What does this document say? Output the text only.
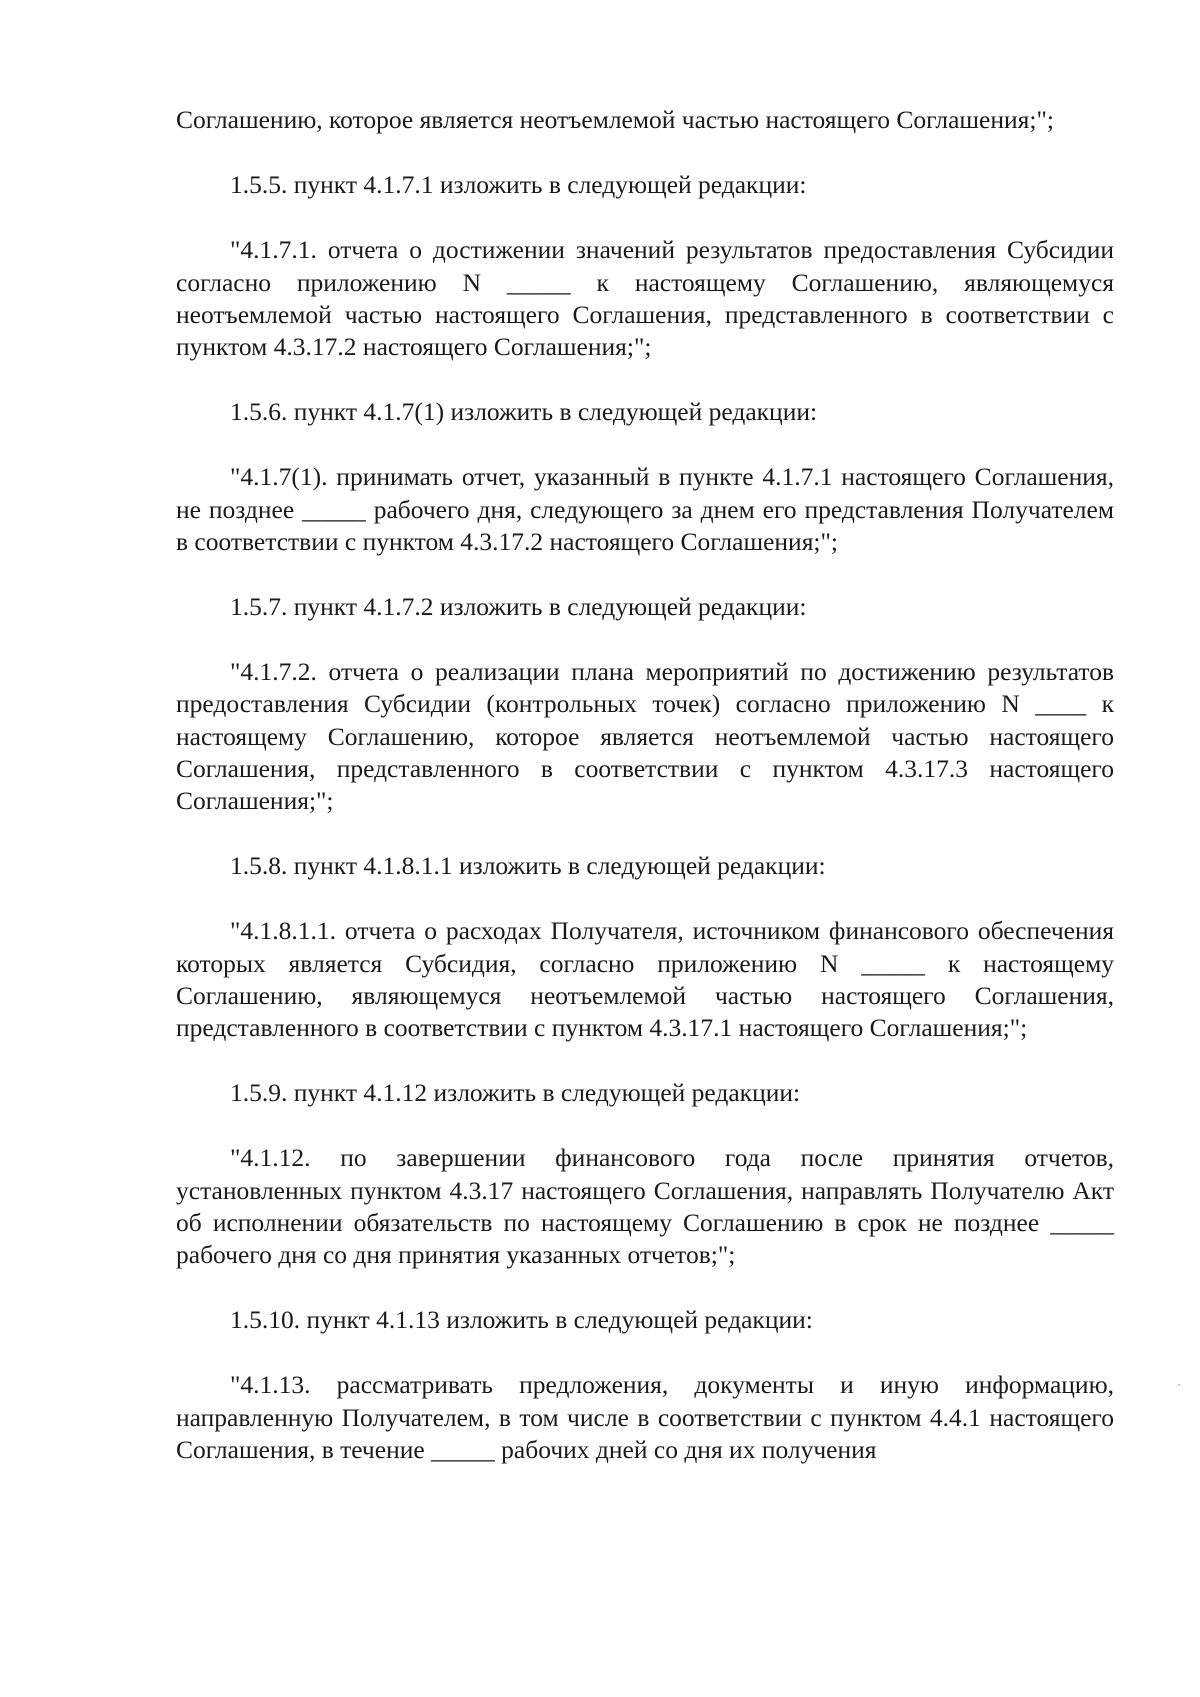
Соглашению, которое является неотъемлемой частью настоящего Соглашения;";

1.5.5. пункт 4.1.7.1 изложить в следующей редакции:

"4.1.7.1. отчета о достижении значений результатов предоставления Субсидии согласно приложению N _____ к настоящему Соглашению, являющемуся неотъемлемой частью настоящего Соглашения, представленного в соответствии с пунктом 4.3.17.2 настоящего Соглашения;";

1.5.6. пункт 4.1.7(1) изложить в следующей редакции:

"4.1.7(1). принимать отчет, указанный в пункте 4.1.7.1 настоящего Соглашения, не позднее _____ рабочего дня, следующего за днем его представления Получателем в соответствии с пунктом 4.3.17.2 настоящего Соглашения;";

1.5.7. пункт 4.1.7.2 изложить в следующей редакции:

"4.1.7.2. отчета о реализации плана мероприятий по достижению результатов предоставления Субсидии (контрольных точек) согласно приложению N ____ к настоящему Соглашению, которое является неотъемлемой частью настоящего Соглашения, представленного в соответствии с пунктом 4.3.17.3 настоящего Соглашения;";

1.5.8. пункт 4.1.8.1.1 изложить в следующей редакции:

"4.1.8.1.1. отчета о расходах Получателя, источником финансового обеспечения которых является Субсидия, согласно приложению N _____ к настоящему Соглашению, являющемуся неотъемлемой частью настоящего Соглашения, представленного в соответствии с пунктом 4.3.17.1 настоящего Соглашения;";

1.5.9. пункт 4.1.12 изложить в следующей редакции:

"4.1.12. по завершении финансового года после принятия отчетов, установленных пунктом 4.3.17 настоящего Соглашения, направлять Получателю Акт об исполнении обязательств по настоящему Соглашению в срок не позднее _____ рабочего дня со дня принятия указанных отчетов;";

1.5.10. пункт 4.1.13 изложить в следующей редакции:

"4.1.13. рассматривать предложения, документы и иную информацию, направленную Получателем, в том числе в соответствии с пунктом 4.4.1 настоящего Соглашения, в течение _____ рабочих дней со дня их получения
